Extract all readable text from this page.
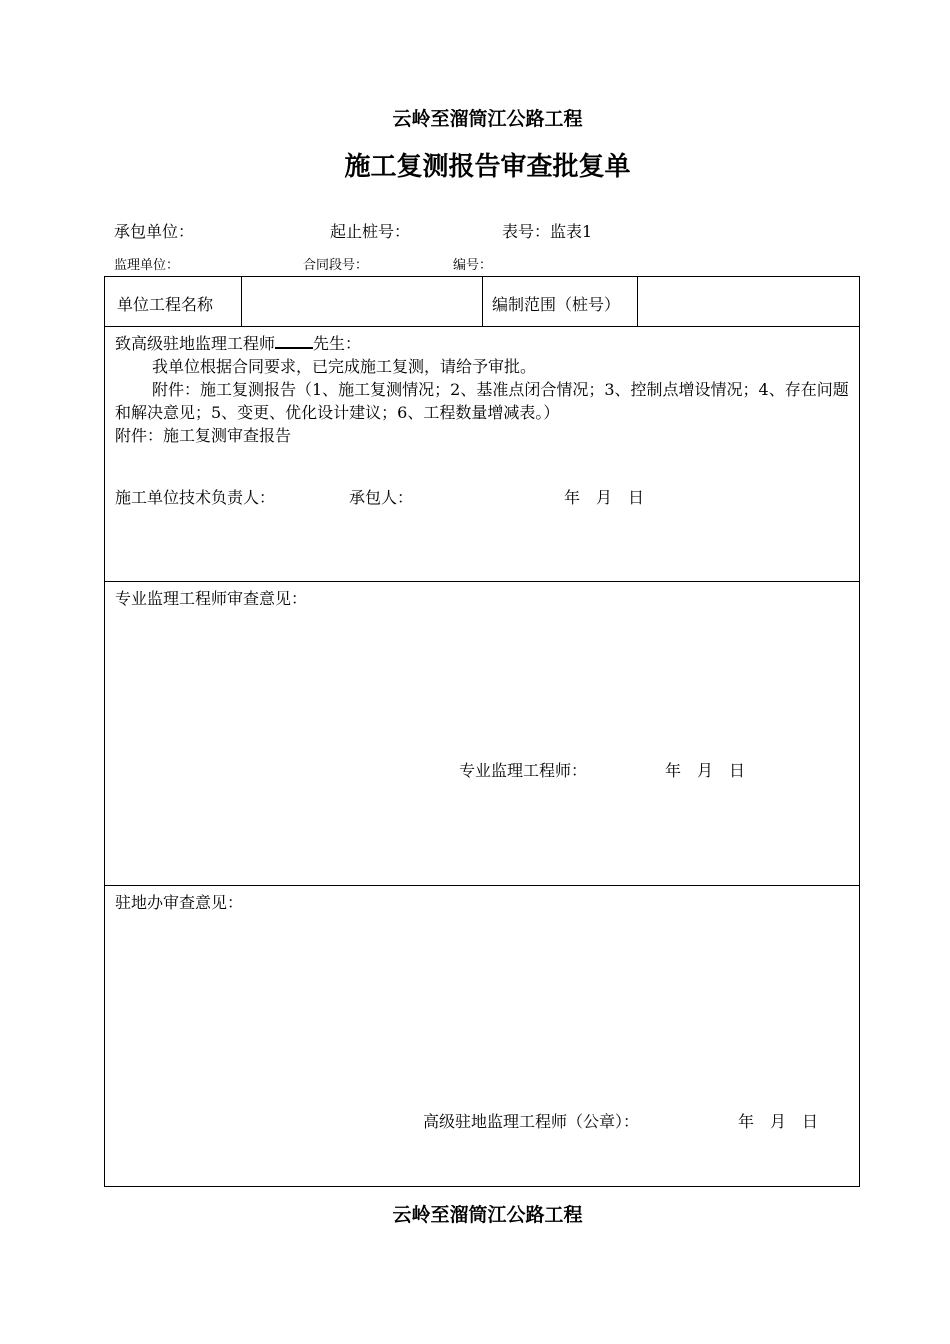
云岭至溜筒江公路工程
施工复测报告审查批复单
承包单位：	起止桩号：	表号：监表1
监理单位：	合同段号：	编号：
单位工程名称	编制范围（桩号）
致高级驻地监理工程师 先生：
我单位根据合同要求，已完成施工复测，请给予审批。
附件：施工复测报告（1、施工复测情况；2、基准点闭合情况；3、控制点增设情况；4、存在问题和解决意见；5、变更、优化设计建议；6、工程数量增减表。）
附件：施工复测审查报告
施工单位技术负责人：	承包人：	年　月　日
专业监理工程师审查意见：
专业监理工程师：	年　月　日
驻地办审查意见：
高级驻地监理工程师（公章）：	年　月　日
云岭至溜筒江公路工程
